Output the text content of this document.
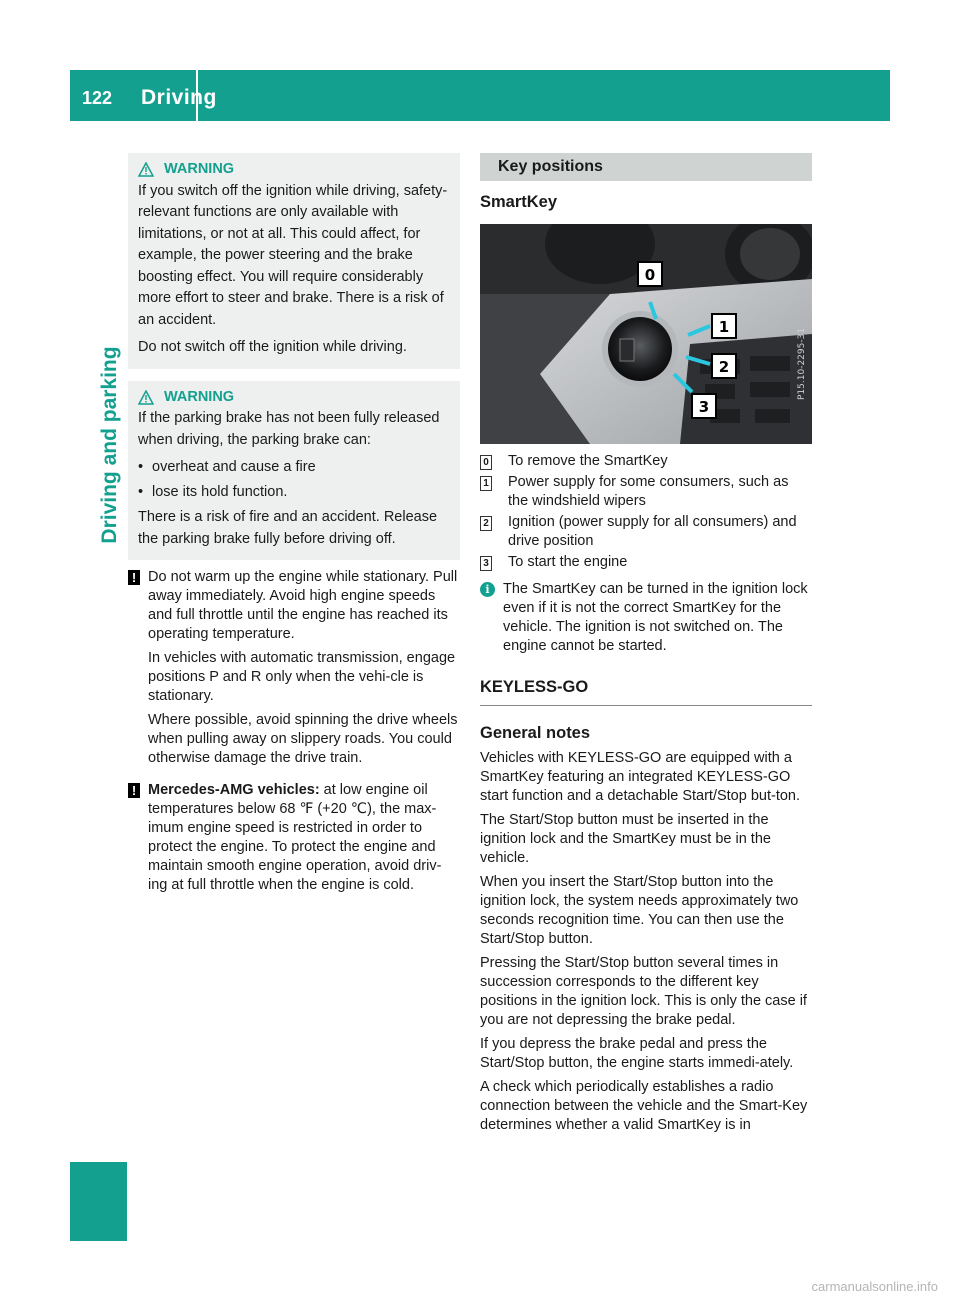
122 Driving
Driving and parking
WARNING

If you switch off the ignition while driving, safety-relevant functions are only available with limitations, or not at all. This could affect, for example, the power steering and the brake boosting effect. You will require considerably more effort to steer and brake. There is a risk of an accident.

Do not switch off the ignition while driving.

WARNING

If the parking brake has not been fully released when driving, the parking brake can:

• overheat and cause a fire
• lose its hold function.

There is a risk of fire and an accident. Release the parking brake fully before driving off.

! Do not warm up the engine while stationary. Pull away immediately. Avoid high engine speeds and full throttle until the engine has reached its operating temperature.

In vehicles with automatic transmission, engage positions P and R only when the vehi-cle is stationary.

Where possible, avoid spinning the drive wheels when pulling away on slippery roads. You could otherwise damage the drive train.

! Mercedes-AMG vehicles: at low engine oil temperatures below 68 ℉ (+20 ℃), the max-imum engine speed is restricted in order to protect the engine. To protect the engine and maintain smooth engine operation, avoid driv-ing at full throttle when the engine is cold.

Key positions
SmartKey
0
1
2
3
P15.10-2295-31
0 To remove the SmartKey
1 Power supply for some consumers, such as the windshield wipers
2 Ignition (power supply for all consumers) and drive position
3 To start the engine
i The SmartKey can be turned in the ignition lock even if it is not the correct SmartKey for the vehicle. The ignition is not switched on. The engine cannot be started.
KEYLESS-GO
General notes

Vehicles with KEYLESS-GO are equipped with a SmartKey featuring an integrated KEYLESS-GO start function and a detachable Start/Stop but-ton.

The Start/Stop button must be inserted in the ignition lock and the SmartKey must be in the vehicle.

When you insert the Start/Stop button into the ignition lock, the system needs approximately two seconds recognition time. You can then use the Start/Stop button.

Pressing the Start/Stop button several times in succession corresponds to the different key positions in the ignition lock. This is only the case if you are not depressing the brake pedal.

If you depress the brake pedal and press the Start/Stop button, the engine starts immedi-ately.

A check which periodically establishes a radio connection between the vehicle and the Smart-Key determines whether a valid SmartKey is in

carmanualsonline.info
